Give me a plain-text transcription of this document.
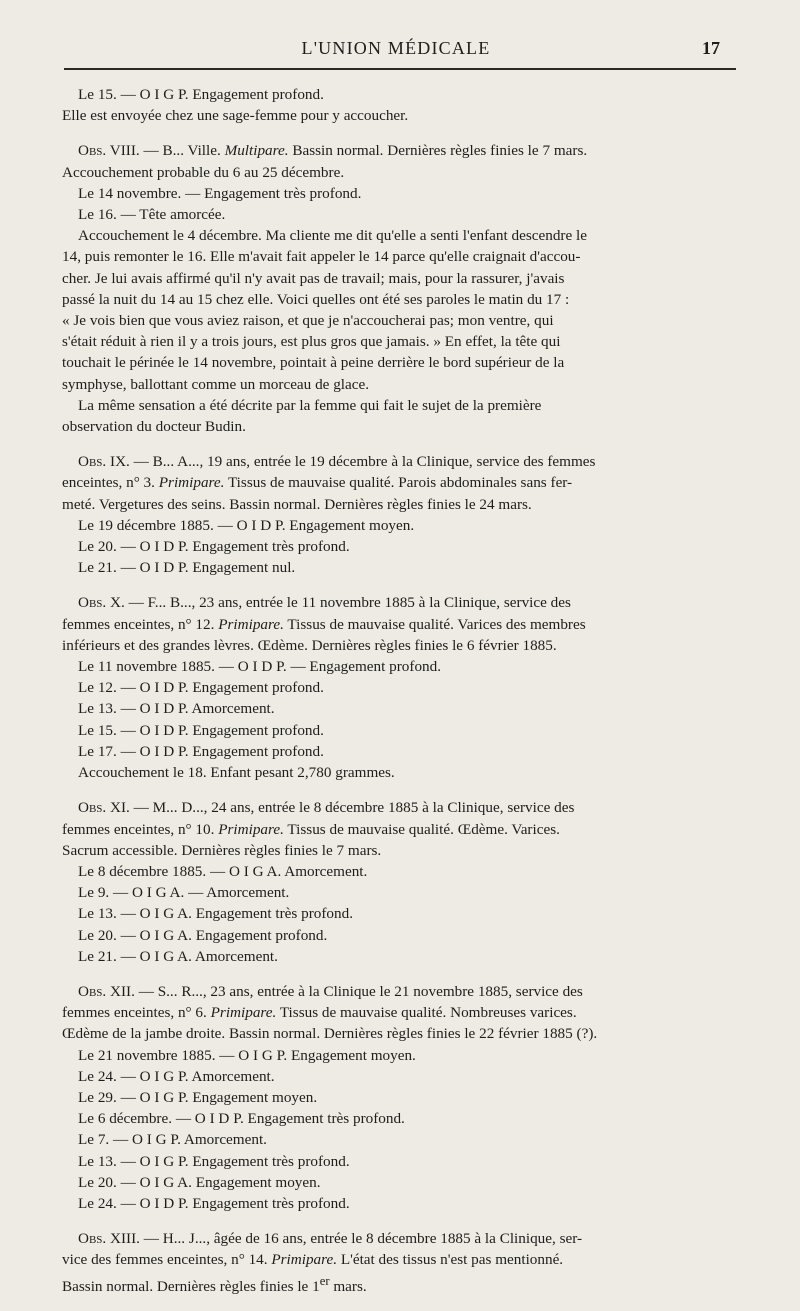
L'UNION MÉDICALE	17
Le 15. — O I G P. Engagement profond.
Elle est envoyée chez une sage-femme pour y accoucher.
Obs. VIII. — B... Ville. Multipare. Bassin normal. Dernières règles finies le 7 mars.
Accouchement probable du 6 au 25 décembre.
Le 14 novembre. — Engagement très profond.
Le 16. — Tête amorcée.
Accouchement le 4 décembre. Ma cliente me dit qu'elle a senti l'enfant descendre le
14, puis remonter le 16. Elle m'avait fait appeler le 14 parce qu'elle craignait d'accou-
cher. Je lui avais affirmé qu'il n'y avait pas de travail; mais, pour la rassurer, j'avais
passé la nuit du 14 au 15 chez elle. Voici quelles ont été ses paroles le matin du 17 :
« Je vois bien que vous aviez raison, et que je n'accoucherai pas; mon ventre, qui
s'était réduit à rien il y a trois jours, est plus gros que jamais. » En effet, la tête qui
touchait le périnée le 14 novembre, pointait à peine derrière le bord supérieur de la
symphyse, ballottant comme un morceau de glace.
La même sensation a été décrite par la femme qui fait le sujet de la première
observation du docteur Budin.
Obs. IX. — B... A..., 19 ans, entrée le 19 décembre à la Clinique, service des femmes
enceintes, n° 3. Primipare. Tissus de mauvaise qualité. Parois abdominales sans fer-
meté. Vergetures des seins. Bassin normal. Dernières règles finies le 24 mars.
Le 19 décembre 1885. — O I D P. Engagement moyen.
Le 20. — O I D P. Engagement très profond.
Le 21. — O I D P. Engagement nul.
Obs. X. — F... B..., 23 ans, entrée le 11 novembre 1885 à la Clinique, service des
femmes enceintes, n° 12. Primipare. Tissus de mauvaise qualité. Varices des membres
inférieurs et des grandes lèvres. Œdème. Dernières règles finies le 6 février 1885.
Le 11 novembre 1885. — O I D P. — Engagement profond.
Le 12. — O I D P. Engagement profond.
Le 13. — O I D P. Amorcement.
Le 15. — O I D P. Engagement profond.
Le 17. — O I D P. Engagement profond.
Accouchement le 18. Enfant pesant 2,780 grammes.
Obs. XI. — M... D..., 24 ans, entrée le 8 décembre 1885 à la Clinique, service des
femmes enceintes, n° 10. Primipare. Tissus de mauvaise qualité. Œdème. Varices.
Sacrum accessible. Dernières règles finies le 7 mars.
Le 8 décembre 1885. — O I G A. Amorcement.
Le 9. — O I G A. — Amorcement.
Le 13. — O I G A. Engagement très profond.
Le 20. — O I G A. Engagement profond.
Le 21. — O I G A. Amorcement.
Obs. XII. — S... R..., 23 ans, entrée à la Clinique le 21 novembre 1885, service des
femmes enceintes, n° 6. Primipare. Tissus de mauvaise qualité. Nombreuses varices.
Œdème de la jambe droite. Bassin normal. Dernières règles finies le 22 février 1885 (?).
Le 21 novembre 1885. — O I G P. Engagement moyen.
Le 24. — O I G P. Amorcement.
Le 29. — O I G P. Engagement moyen.
Le 6 décembre. — O I D P. Engagement très profond.
Le 7. — O I G P. Amorcement.
Le 13. — O I G P. Engagement très profond.
Le 20. — O I G A. Engagement moyen.
Le 24. — O I D P. Engagement très profond.
Obs. XIII. — H... J..., âgée de 16 ans, entrée le 8 décembre 1885 à la Clinique, ser-
vice des femmes enceintes, n° 14. Primipare. L'état des tissus n'est pas mentionné.
Bassin normal. Dernières règles finies le 1er mars.
